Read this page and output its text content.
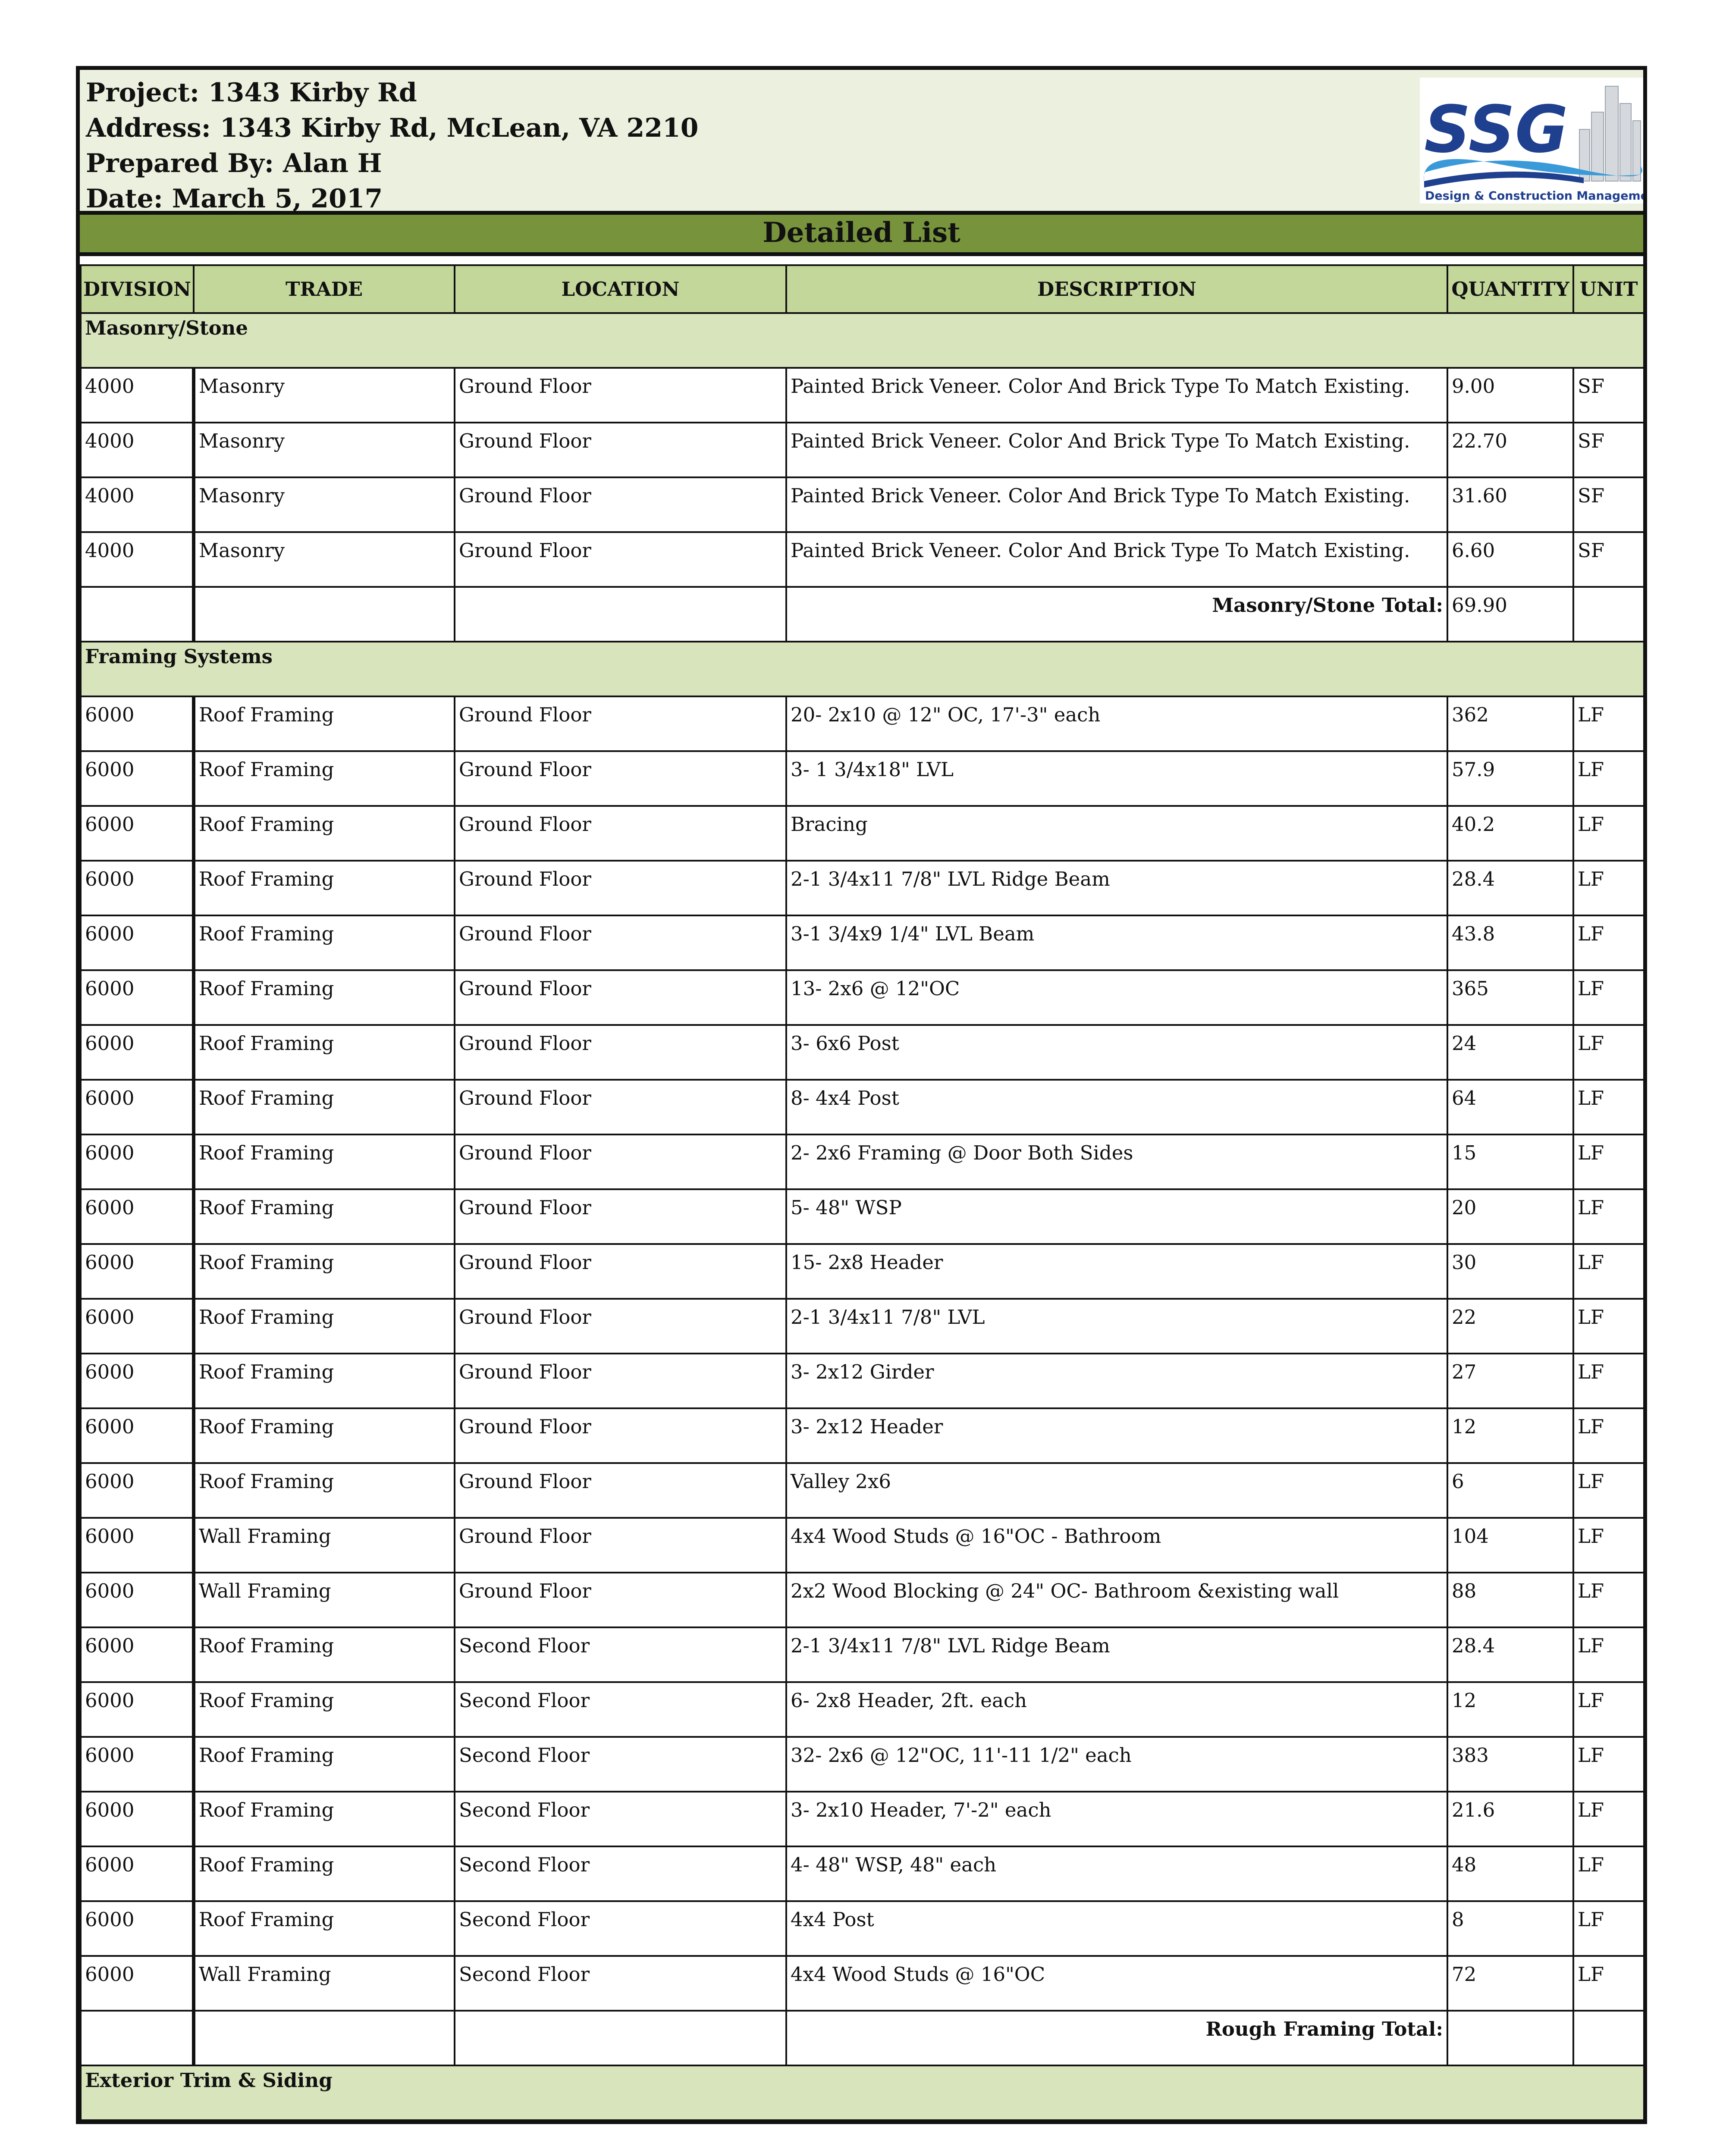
Project: 1343 Kirby Rd
Address: 1343 Kirby Rd, McLean, VA 2210
Prepared By: Alan H
Date: March 5, 2017
SSG
Design & Construction Management
Detailed List
DIVISION	TRADE	LOCATION	DESCRIPTION	QUANTITY	UNIT
Masonry/Stone					
4000	Masonry	Ground Floor	Painted Brick Veneer. Color And Brick Type To Match Existing.	9.00	SF
4000	Masonry	Ground Floor	Painted Brick Veneer. Color And Brick Type To Match Existing.	22.70	SF
4000	Masonry	Ground Floor	Painted Brick Veneer. Color And Brick Type To Match Existing.	31.60	SF
4000	Masonry	Ground Floor	Painted Brick Veneer. Color And Brick Type To Match Existing.	6.60	SF
			Masonry/Stone Total:	69.90	
Framing Systems					
6000	Roof Framing	Ground Floor	20- 2x10 @ 12" OC, 17'-3" each	362	LF
6000	Roof Framing	Ground Floor	3- 1 3/4x18" LVL	57.9	LF
6000	Roof Framing	Ground Floor	Bracing	40.2	LF
6000	Roof Framing	Ground Floor	2-1 3/4x11 7/8" LVL Ridge Beam	28.4	LF
6000	Roof Framing	Ground Floor	3-1 3/4x9 1/4" LVL Beam	43.8	LF
6000	Roof Framing	Ground Floor	13- 2x6 @ 12"OC	365	LF
6000	Roof Framing	Ground Floor	3- 6x6 Post	24	LF
6000	Roof Framing	Ground Floor	8- 4x4 Post	64	LF
6000	Roof Framing	Ground Floor	2- 2x6 Framing @ Door Both Sides	15	LF
6000	Roof Framing	Ground Floor	5- 48" WSP	20	LF
6000	Roof Framing	Ground Floor	15- 2x8 Header	30	LF
6000	Roof Framing	Ground Floor	2-1 3/4x11 7/8" LVL	22	LF
6000	Roof Framing	Ground Floor	3- 2x12 Girder	27	LF
6000	Roof Framing	Ground Floor	3- 2x12 Header	12	LF
6000	Roof Framing	Ground Floor	Valley 2x6	6	LF
6000	Wall Framing	Ground Floor	4x4 Wood Studs @ 16"OC - Bathroom	104	LF
6000	Wall Framing	Ground Floor	2x2 Wood Blocking @ 24" OC- Bathroom &existing wall	88	LF
6000	Roof Framing	Second Floor	2-1 3/4x11 7/8" LVL Ridge Beam	28.4	LF
6000	Roof Framing	Second Floor	6- 2x8 Header, 2ft. each	12	LF
6000	Roof Framing	Second Floor	32- 2x6 @ 12"OC, 11'-11 1/2" each	383	LF
6000	Roof Framing	Second Floor	3- 2x10 Header, 7'-2" each	21.6	LF
6000	Roof Framing	Second Floor	4- 48" WSP, 48" each	48	LF
6000	Roof Framing	Second Floor	4x4 Post	8	LF
6000	Wall Framing	Second Floor	4x4 Wood Studs @ 16"OC	72	LF
			Rough Framing Total:		
Exterior Trim & Siding					
